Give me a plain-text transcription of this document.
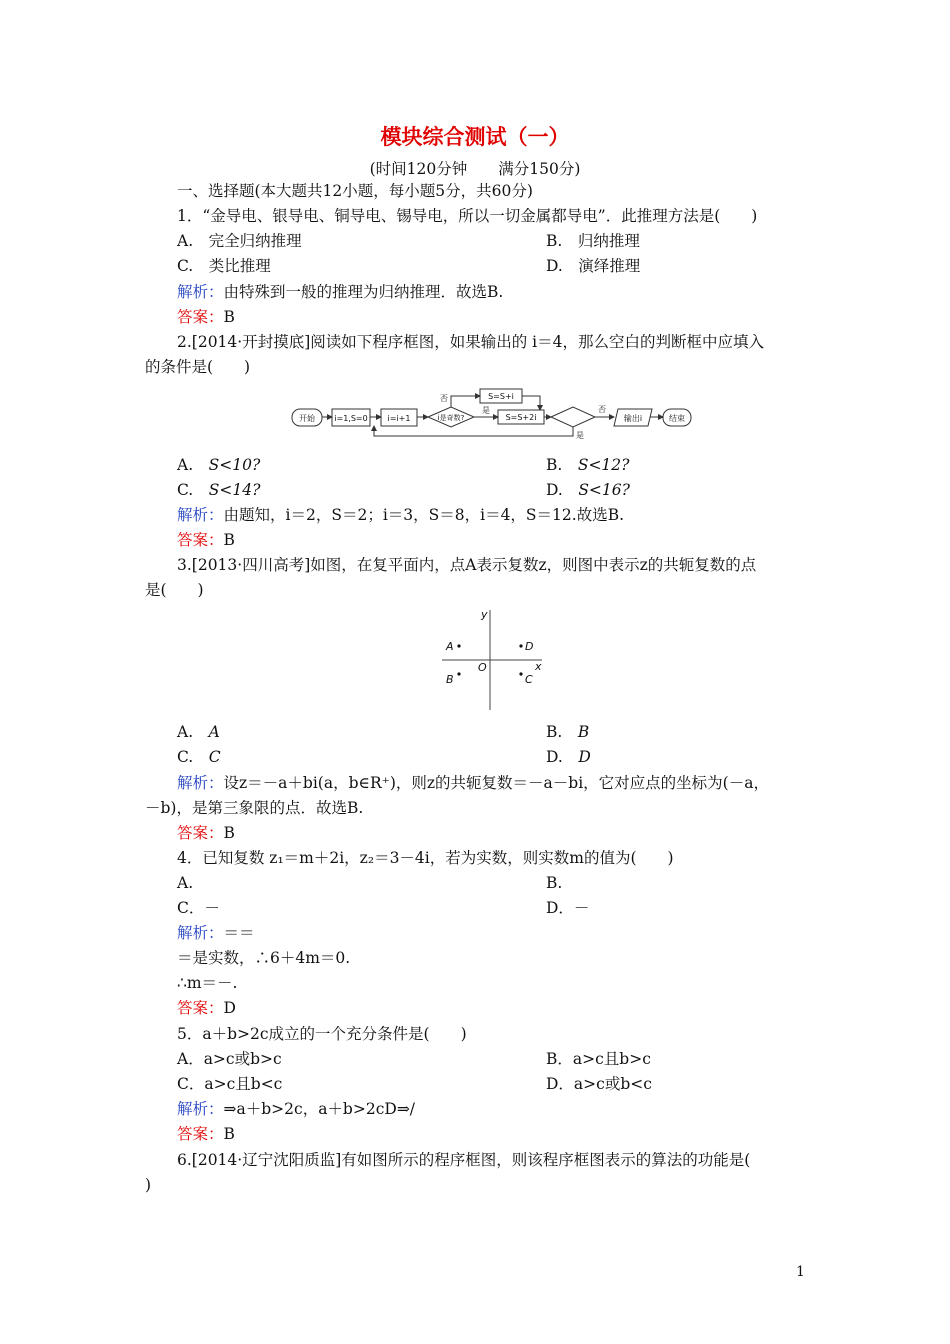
模块综合测试（一）
(时间120分钟　　满分150分)
一、选择题(本大题共12小题，每小题5分，共60分)
1．“金导电、银导电、铜导电、锡导电，所以一切金属都导电”．此推理方法是(　　)
A.　完全归纳推理	B.　归纳推理
C.　类比推理	D.　演绎推理
解析：由特殊到一般的推理为归纳推理．故选B.
答案：B
2.[2014·开封摸底]阅读如下程序框图，如果输出的 i＝4，那么空白的判断框中应填入
的条件是(　　)
开始 i=1,S=0 i=i+1	i是奇数?
否
是
S=S+i
S=S+2i
否
是
输出i	结束
A.　S<10?	B.　S<12?
C.　S<14?	D.　S<16?
解析：由题知，i＝2，S＝2；i＝3，S＝8，i＝4，S＝12.故选B.
答案：B
3.[2013·四川高考]如图，在复平面内，点A表示复数z，则图中表示z的共轭复数的点
是(　　)
y
x
O
A	D
B	C
A.　A	B.　B
C.　C	D.　D
解析：设z＝－a＋bi(a，b∈R⁺)，则z的共轭复数＝－a－bi，它对应点的坐标为(－a，
－b)，是第三象限的点．故选B.
答案：B
4．已知复数 z₁＝m＋2i，z₂＝3－4i，若为实数，则实数m的值为(　　)
A.	B.
C．－	D．－
解析：＝＝
＝是实数，∴6＋4m＝0.
∴m＝－.
答案：D
5．a＋b>2c成立的一个充分条件是(　　)
A．a>c或b>c	B．a>c且b>c
C．a>c且b<c	D．a>c或b<c
解析：⇒a＋b>2c，a＋b>2cD⇒/
答案：B
6.[2014·辽宁沈阳质监]有如图所示的程序框图，则该程序框图表示的算法的功能是(
)
1
